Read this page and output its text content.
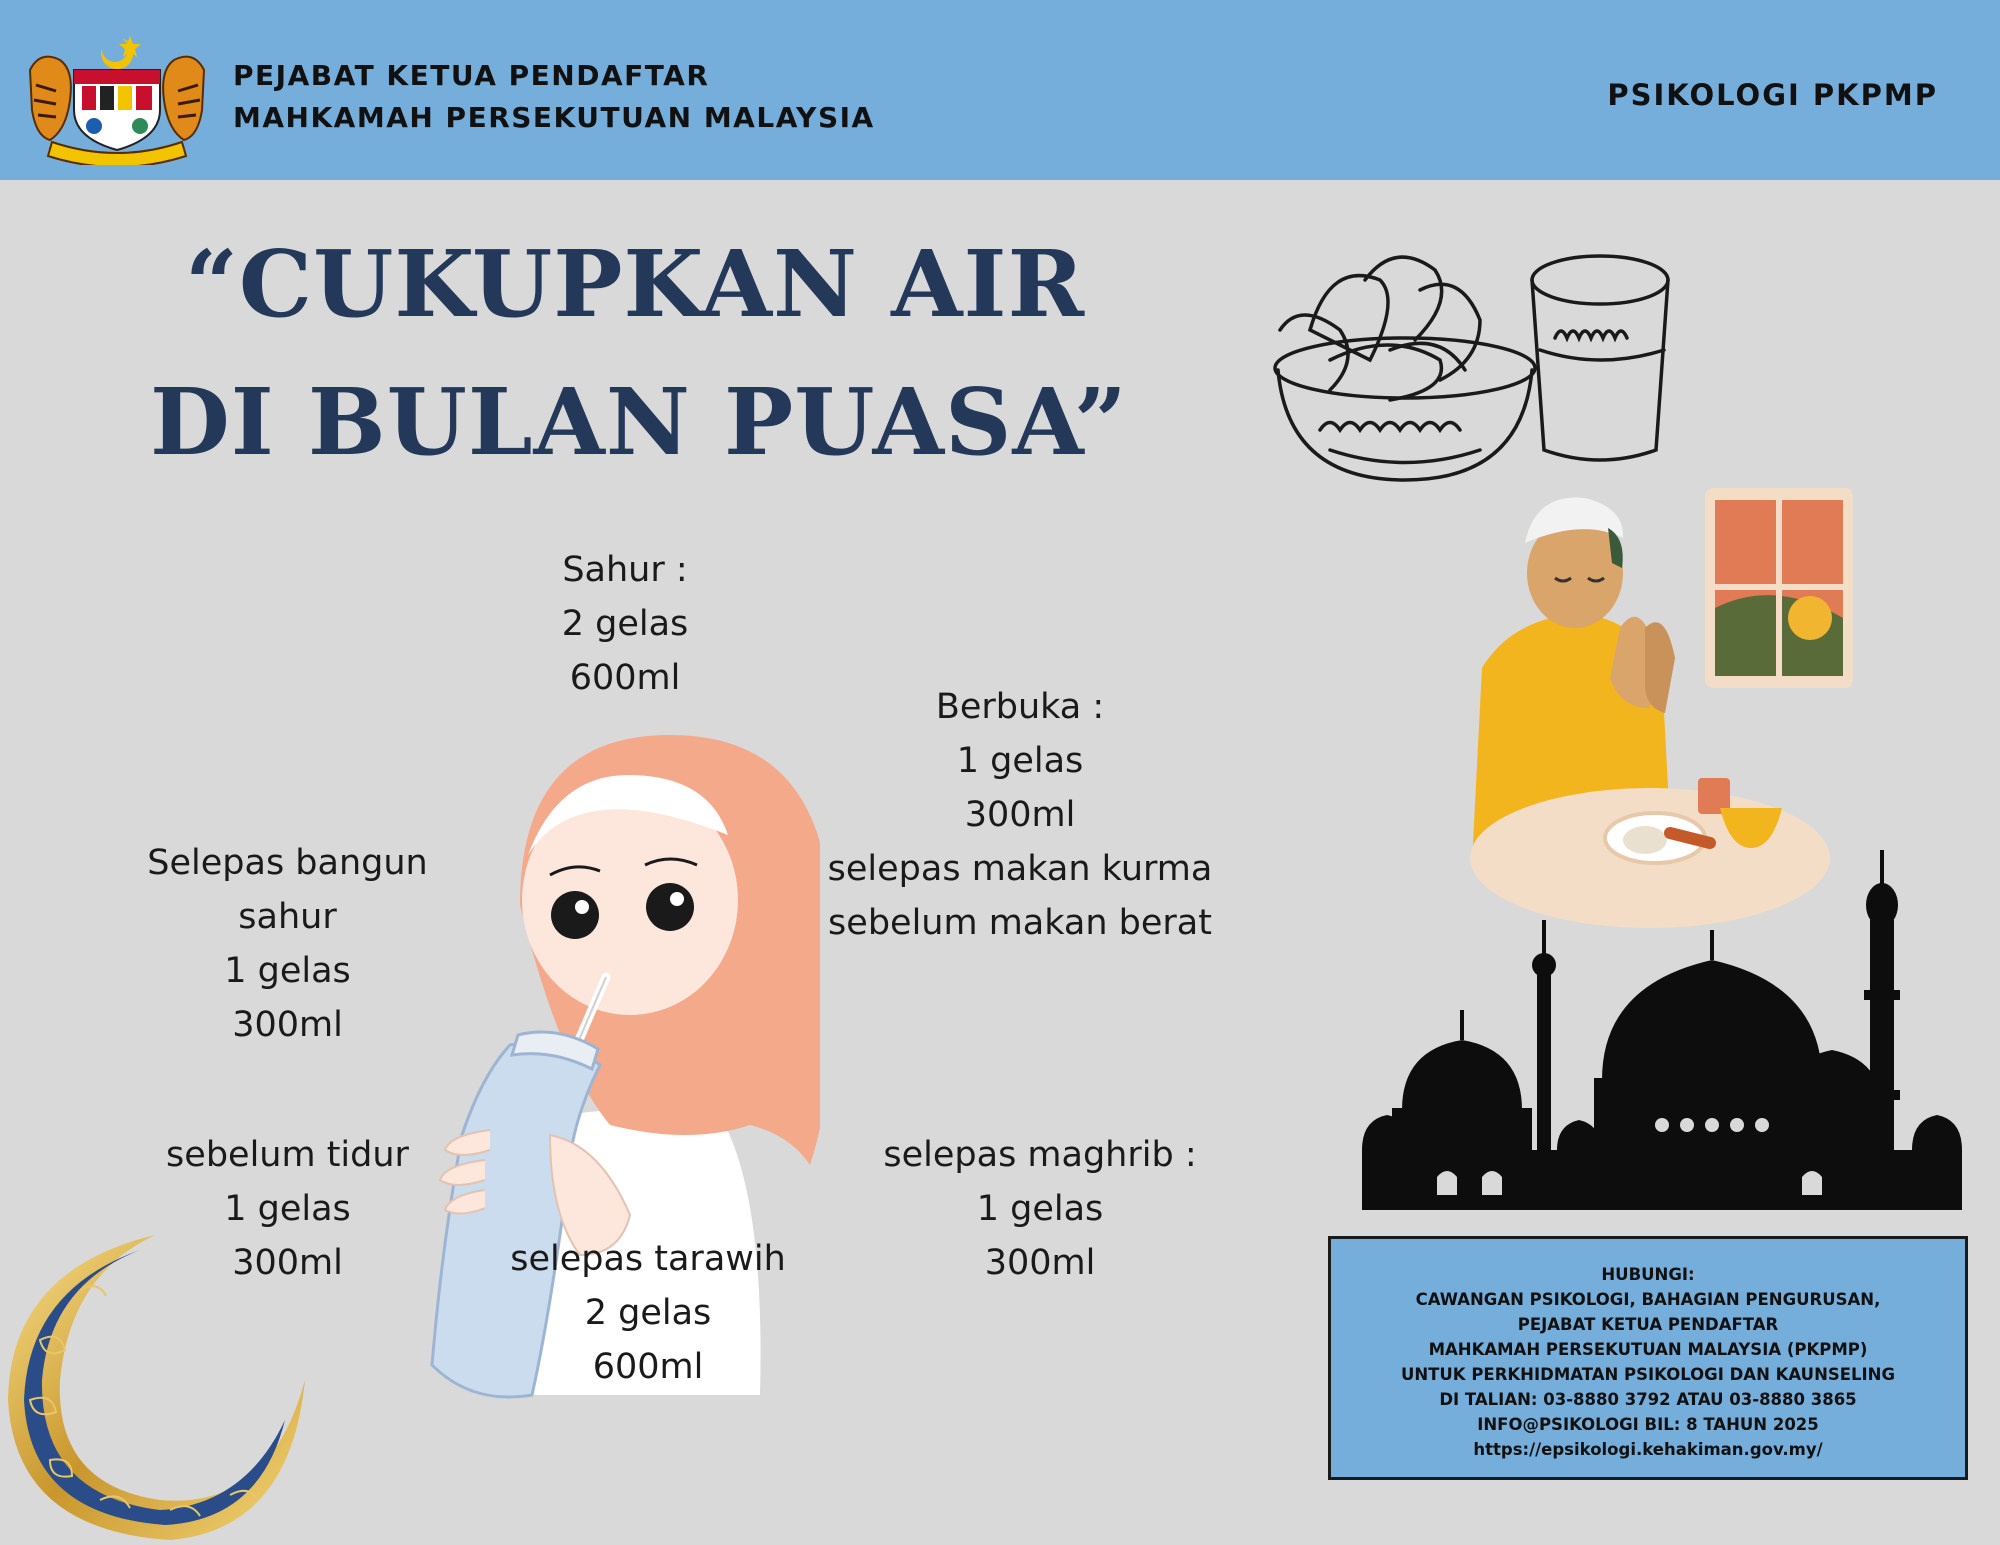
PEJABAT KETUA PENDAFTAR
MAHKAMAH PERSEKUTUAN MALAYSIA
PSIKOLOGI PKPMP
“CUKUPKAN AIR
DI BULAN PUASA”
Sahur :
2 gelas
600ml
Berbuka :
1 gelas
300ml
selepas makan kurma
sebelum makan berat
Selepas bangun
sahur
1 gelas
300ml
sebelum tidur
1 gelas
300ml
selepas maghrib :
1 gelas
300ml
selepas tarawih
2 gelas
600ml
HUBUNGI:
CAWANGAN PSIKOLOGI, BAHAGIAN PENGURUSAN,
PEJABAT KETUA PENDAFTAR
MAHKAMAH PERSEKUTUAN MALAYSIA (PKPMP)
UNTUK PERKHIDMATAN PSIKOLOGI DAN KAUNSELING
DI TALIAN: 03-8880 3792 ATAU 03-8880 3865
INFO@PSIKOLOGI BIL: 8 TAHUN 2025
https://epsikologi.kehakiman.gov.my/
